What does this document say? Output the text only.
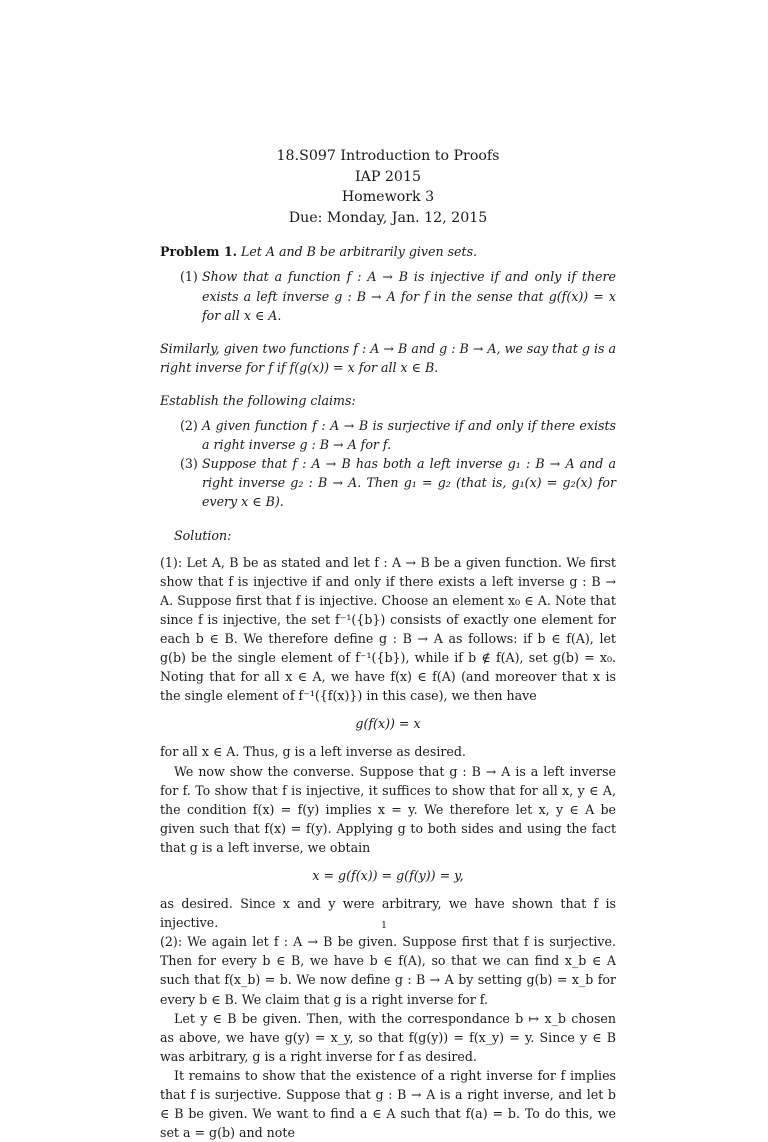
18.S097 Introduction to Proofs
IAP 2015
Homework 3
Due: Monday, Jan. 12, 2015

Problem 1. Let A and B be arbitrarily given sets.

(1) Show that a function f : A → B is injective if and only if there exists a left inverse g : B → A for f in the sense that g(f(x)) = x for all x ∈ A.

Similarly, given two functions f : A → B and g : B → A, we say that g is a right inverse for f if f(g(x)) = x for all x ∈ B.

Establish the following claims:

(2) A given function f : A → B is surjective if and only if there exists a right inverse g : B → A for f.
(3) Suppose that f : A → B has both a left inverse g₁ : B → A and a right inverse g₂ : B → A. Then g₁ = g₂ (that is, g₁(x) = g₂(x) for every x ∈ B).

Solution:

(1): Let A, B be as stated and let f : A → B be a given function. We first show that f is injective if and only if there exists a left inverse g : B → A. Suppose first that f is injective. Choose an element x₀ ∈ A. Note that since f is injective, the set f⁻¹({b}) consists of exactly one element for each b ∈ B. We therefore define g : B → A as follows: if b ∈ f(A), let g(b) be the single element of f⁻¹({b}), while if b ∉ f(A), set g(b) = x₀. Noting that for all x ∈ A, we have f(x) ∈ f(A) (and moreover that x is the single element of f⁻¹({f(x)}) in this case), we then have

g(f(x)) = x

for all x ∈ A. Thus, g is a left inverse as desired.

We now show the converse. Suppose that g : B → A is a left inverse for f. To show that f is injective, it suffices to show that for all x, y ∈ A, the condition f(x) = f(y) implies x = y. We therefore let x, y ∈ A be given such that f(x) = f(y). Applying g to both sides and using the fact that g is a left inverse, we obtain

x = g(f(x)) = g(f(y)) = y,

as desired. Since x and y were arbitrary, we have shown that f is injective.

(2): We again let f : A → B be given. Suppose first that f is surjective. Then for every b ∈ B, we have b ∈ f(A), so that we can find x_b ∈ A such that f(x_b) = b. We now define g : B → A by setting g(b) = x_b for every b ∈ B. We claim that g is a right inverse for f.

Let y ∈ B be given. Then, with the correspondance b ↦ x_b chosen as above, we have g(y) = x_y, so that f(g(y)) = f(x_y) = y. Since y ∈ B was arbitrary, g is a right inverse for f as desired.

It remains to show that the existence of a right inverse for f implies that f is surjective. Suppose that g : B → A is a right inverse, and let b ∈ B be given. We want to find a ∈ A such that f(a) = b. To do this, we set a = g(b) and note

1
